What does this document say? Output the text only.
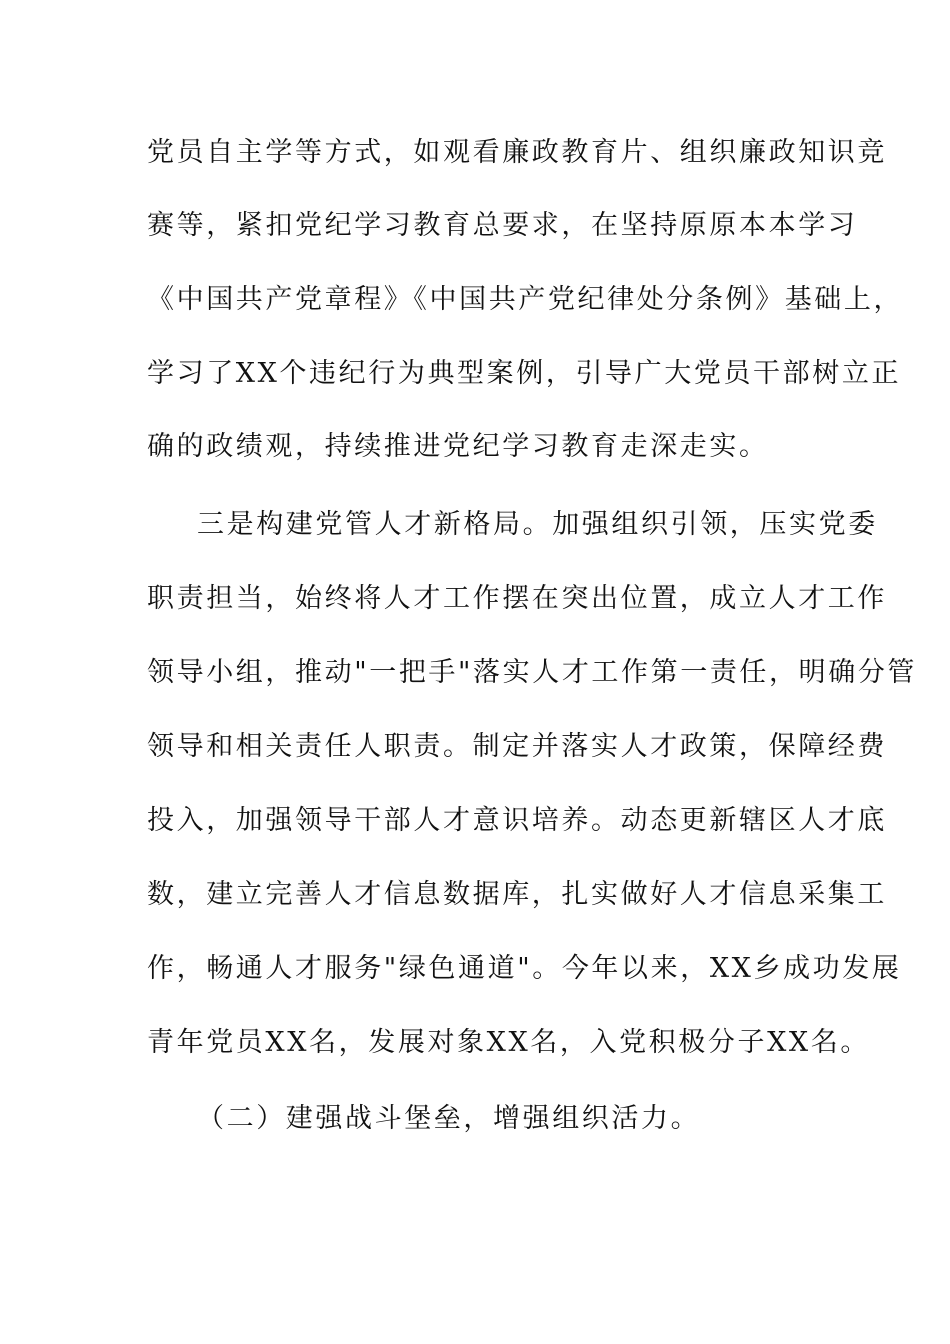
党员自主学等方式，如观看廉政教育片、组织廉政知识竞
赛等，紧扣党纪学习教育总要求，在坚持原原本本学习
《中国共产党章程》《中国共产党纪律处分条例》基础上，
学习了XX个违纪行为典型案例，引导广大党员干部树立正
确的政绩观，持续推进党纪学习教育走深走实。
三是构建党管人才新格局。加强组织引领，压实党委
职责担当，始终将人才工作摆在突出位置，成立人才工作
领导小组，推动"一把手"落实人才工作第一责任，明确分管
领导和相关责任人职责。制定并落实人才政策，保障经费
投入，加强领导干部人才意识培养。动态更新辖区人才底
数，建立完善人才信息数据库，扎实做好人才信息采集工
作，畅通人才服务"绿色通道"。今年以来，XX乡成功发展
青年党员XX名，发展对象XX名，入党积极分子XX名。
（二）建强战斗堡垒，增强组织活力。
